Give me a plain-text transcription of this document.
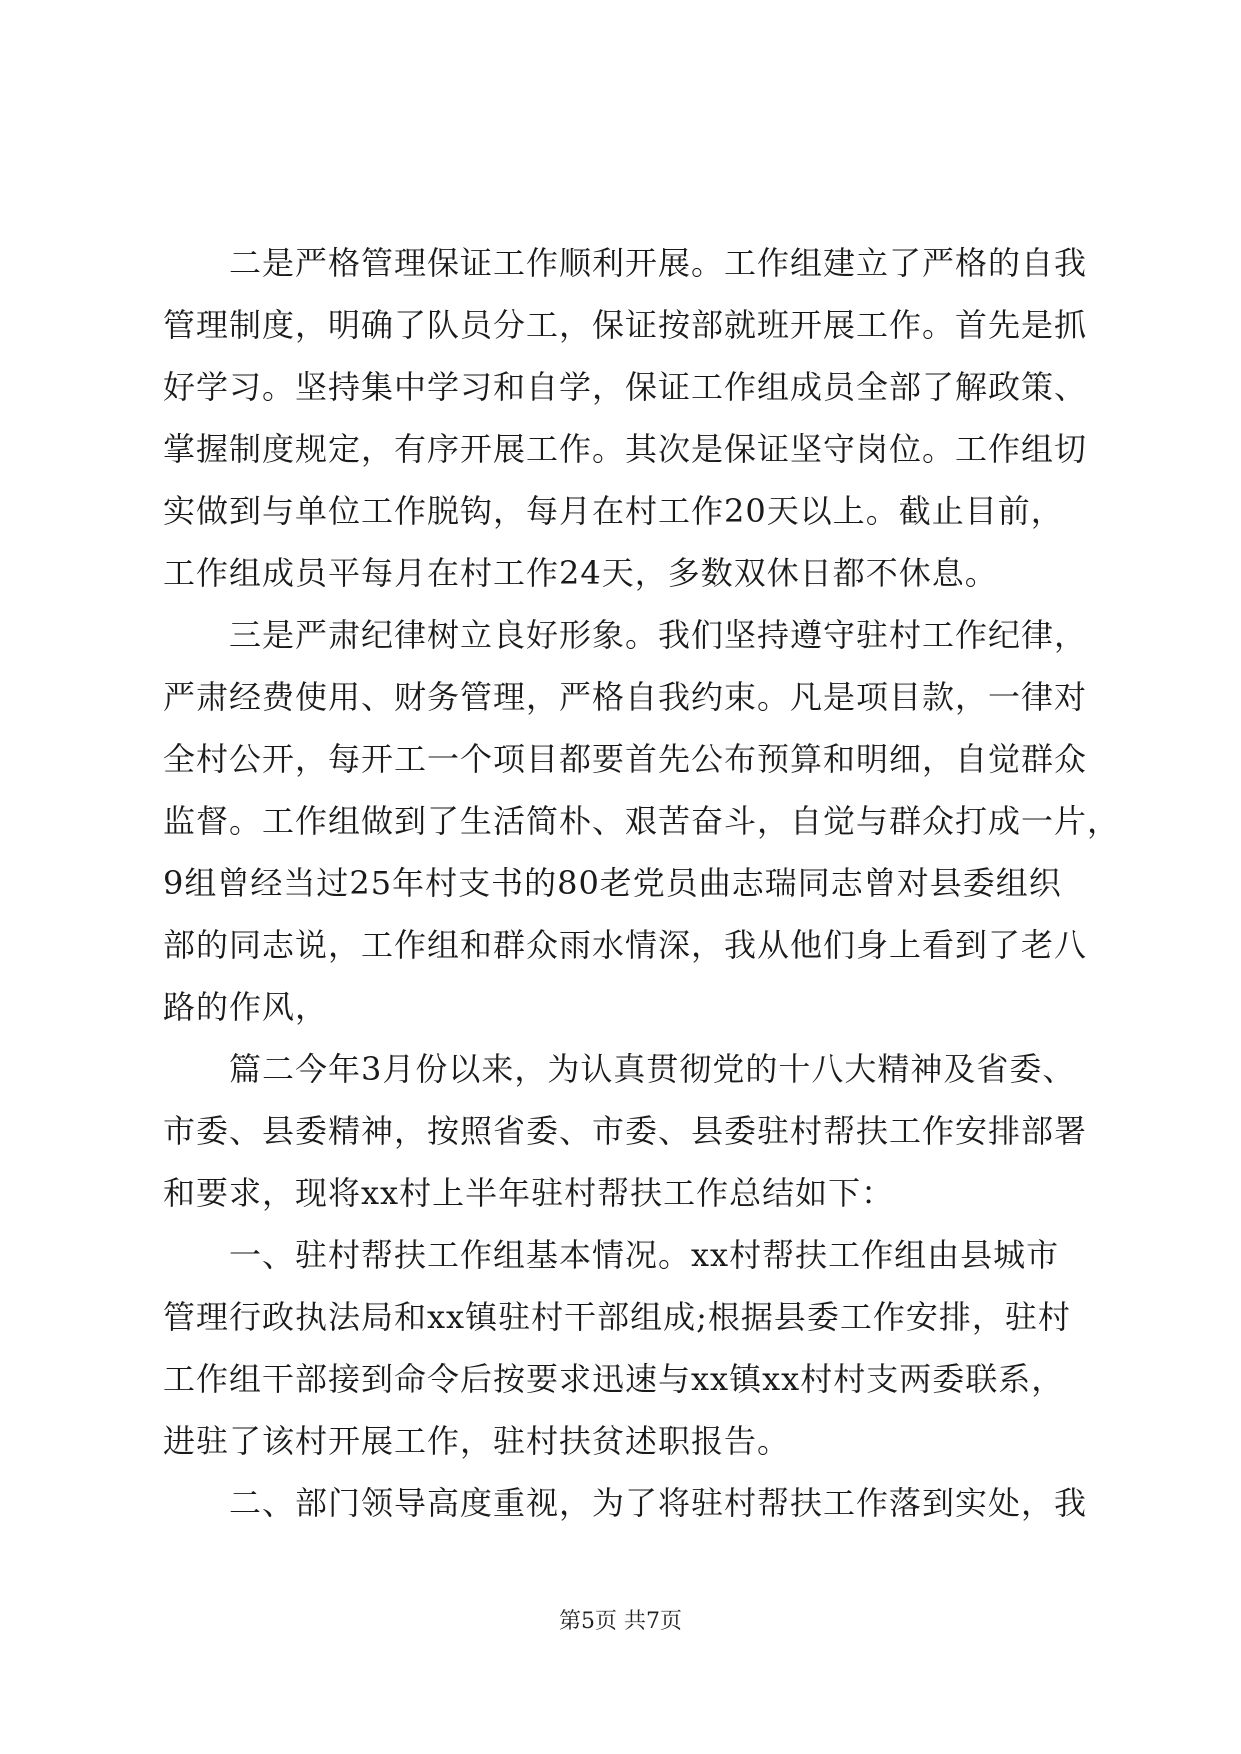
二是严格管理保证工作顺利开展。工作组建立了严格的自我
管理制度，明确了队员分工，保证按部就班开展工作。首先是抓
好学习。坚持集中学习和自学，保证工作组成员全部了解政策、
掌握制度规定，有序开展工作。其次是保证坚守岗位。工作组切
实做到与单位工作脱钩，每月在村工作20天以上。截止目前，
工作组成员平每月在村工作24天，多数双休日都不休息。
三是严肃纪律树立良好形象。我们坚持遵守驻村工作纪律，
严肃经费使用、财务管理，严格自我约束。凡是项目款，一律对
全村公开，每开工一个项目都要首先公布预算和明细，自觉群众
监督。工作组做到了生活简朴、艰苦奋斗，自觉与群众打成一片，
9组曾经当过25年村支书的80老党员曲志瑞同志曾对县委组织
部的同志说，工作组和群众雨水情深，我从他们身上看到了老八
路的作风，
篇二今年3月份以来，为认真贯彻党的十八大精神及省委、
市委、县委精神，按照省委、市委、县委驻村帮扶工作安排部署
和要求，现将xx村上半年驻村帮扶工作总结如下：
一、驻村帮扶工作组基本情况。xx村帮扶工作组由县城市
管理行政执法局和xx镇驻村干部组成;根据县委工作安排，驻村
工作组干部接到命令后按要求迅速与xx镇xx村村支两委联系，
进驻了该村开展工作，驻村扶贫述职报告。
二、部门领导高度重视，为了将驻村帮扶工作落到实处，我
第5页 共7页
